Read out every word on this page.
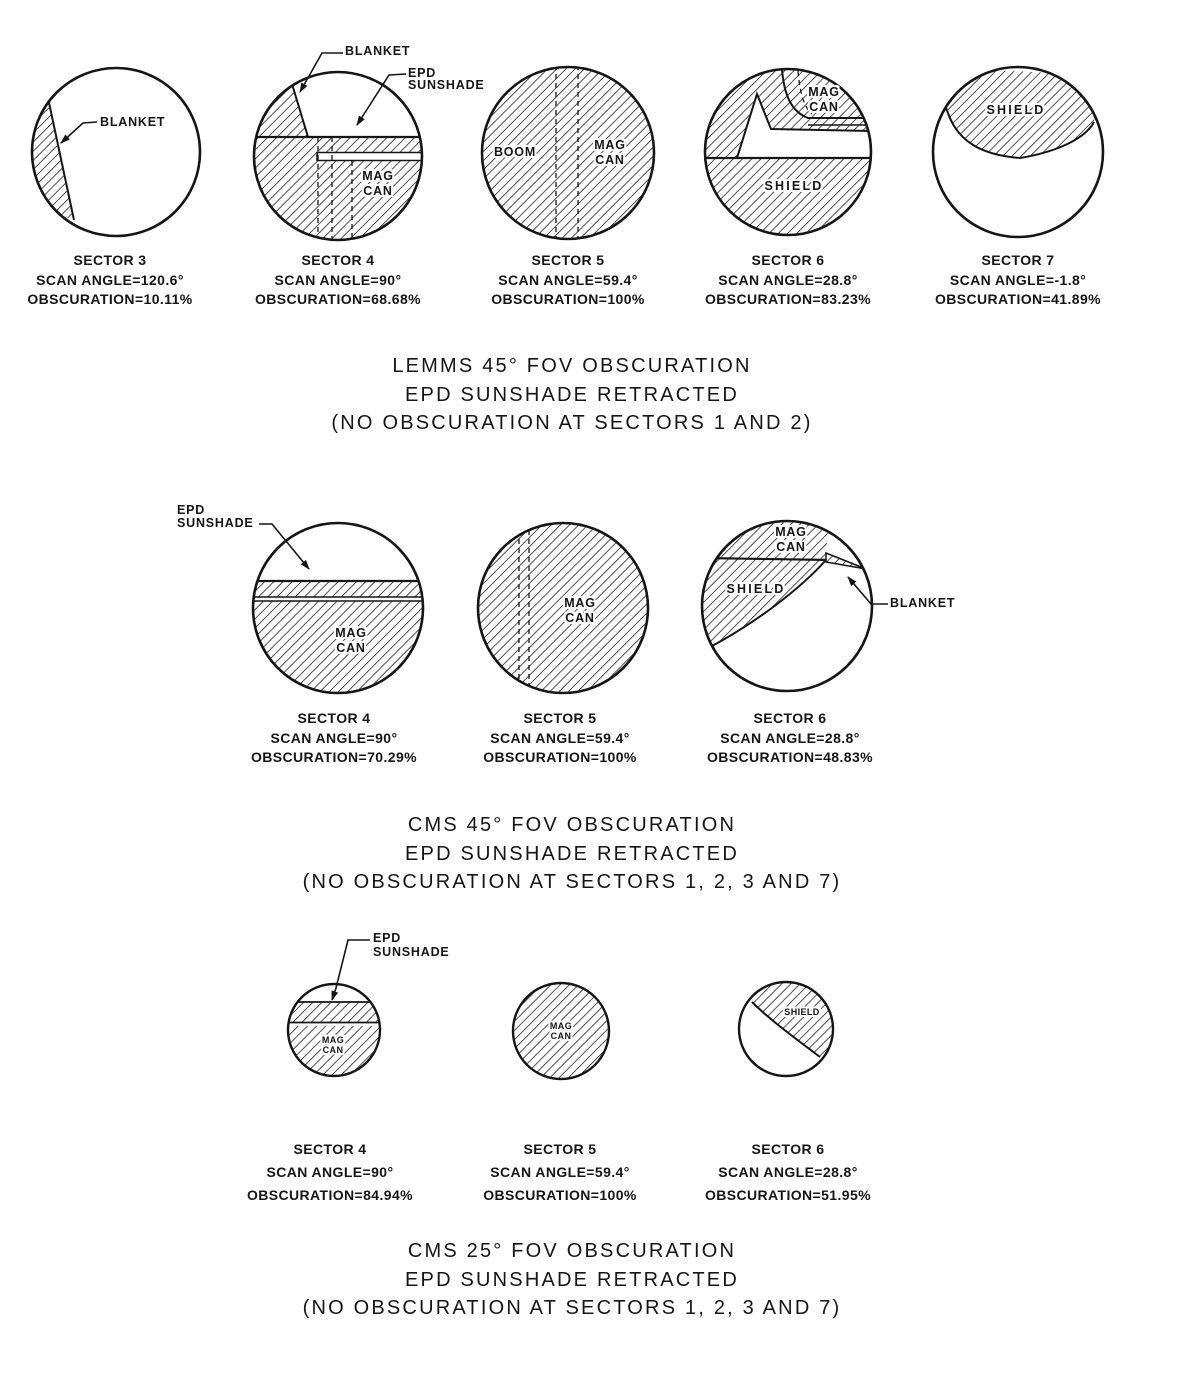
BLANKET
BLANKET
EPD
SUNSHADE
BOOM
MAG
CAN
MAG
CAN
MAG
CAN
SHIELD
SHIELD
EPD
SUNSHADE
MAG
CAN
MAG
CAN
MAG
CAN
SHIELD
BLANKET
EPD
SUNSHADE
MAG
CAN
MAG
CAN
SHIELD
SECTOR 3
SCAN ANGLE=120.6°
OBSCURATION=10.11%
SECTOR 4
SCAN ANGLE=90°
OBSCURATION=68.68%
SECTOR 5
SCAN ANGLE=59.4°
OBSCURATION=100%
SECTOR 6
SCAN ANGLE=28.8°
OBSCURATION=83.23%
SECTOR 7
SCAN ANGLE=-1.8°
OBSCURATION=41.89%
LEMMS 45° FOV OBSCURATION
EPD SUNSHADE RETRACTED
(NO OBSCURATION AT SECTORS 1 AND 2)
SECTOR 4
SCAN ANGLE=90°
OBSCURATION=70.29%
SECTOR 5
SCAN ANGLE=59.4°
OBSCURATION=100%
SECTOR 6
SCAN ANGLE=28.8°
OBSCURATION=48.83%
CMS 45° FOV OBSCURATION
EPD SUNSHADE RETRACTED
(NO OBSCURATION AT SECTORS 1, 2, 3 AND 7)
SECTOR 4
SCAN ANGLE=90°
OBSCURATION=84.94%
SECTOR 5
SCAN ANGLE=59.4°
OBSCURATION=100%
SECTOR 6
SCAN ANGLE=28.8°
OBSCURATION=51.95%
CMS 25° FOV OBSCURATION
EPD SUNSHADE RETRACTED
(NO OBSCURATION AT SECTORS 1, 2, 3 AND 7)
